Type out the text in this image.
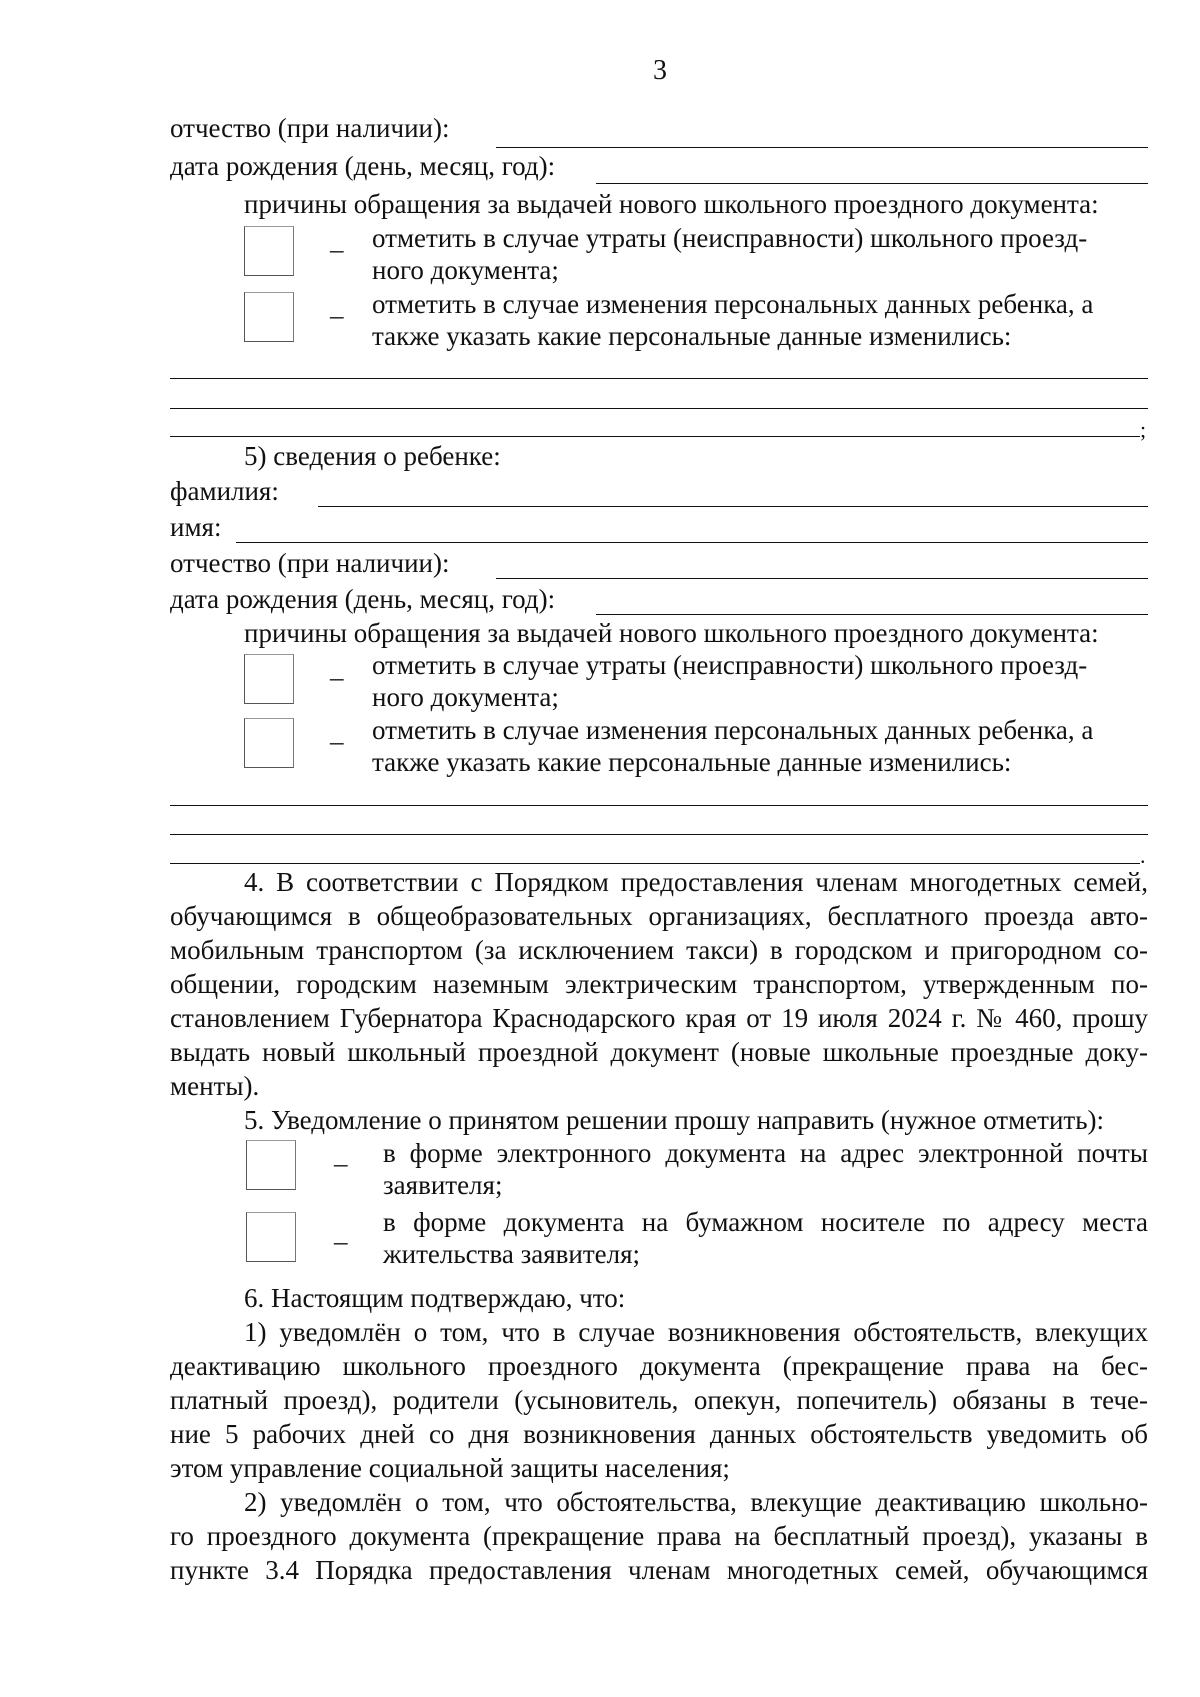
3
отчество (при наличии):
дата рождения (день, месяц, год):
причины обращения за выдачей нового школьного проездного документа:
_ отметить в случае утраты (неисправности) школьного проезд-
ного документа;
_ отметить в случае изменения персональных данных ребенка, а
также указать какие персональные данные изменились:
;
5) сведения о ребенке:
фамилия:
имя:
отчество (при наличии):
дата рождения (день, месяц, год):
причины обращения за выдачей нового школьного проездного документа:
_ отметить в случае утраты (неисправности) школьного проезд-
ного документа;
_ отметить в случае изменения персональных данных ребенка, а
также указать какие персональные данные изменились:
.
4. В соответствии с Порядком предоставления членам многодетных семей,
обучающимся в общеобразовательных организациях, бесплатного проезда авто-
мобильным транспортом (за исключением такси) в городском и пригородном со-
общении, городским наземным электрическим транспортом, утвержденным по-
становлением Губернатора Краснодарского края от 19 июля 2024 г. № 460, прошу
выдать новый школьный проездной документ (новые школьные проездные доку-
менты).
5. Уведомление о принятом решении прошу направить (нужное отметить):
_ в форме электронного документа на адрес электронной почты
заявителя;
_ в форме документа на бумажном носителе по адресу места
жительства заявителя;
6. Настоящим подтверждаю, что:
1) уведомлён о том, что в случае возникновения обстоятельств, влекущих
деактивацию школьного проездного документа (прекращение права на бес-
платный проезд), родители (усыновитель, опекун, попечитель) обязаны в тече-
ние 5 рабочих дней со дня возникновения данных обстоятельств уведомить об
этом управление социальной защиты населения;
2) уведомлён о том, что обстоятельства, влекущие деактивацию школьно-
го проездного документа (прекращение права на бесплатный проезд), указаны в
пункте 3.4 Порядка предоставления членам многодетных семей, обучающимся
